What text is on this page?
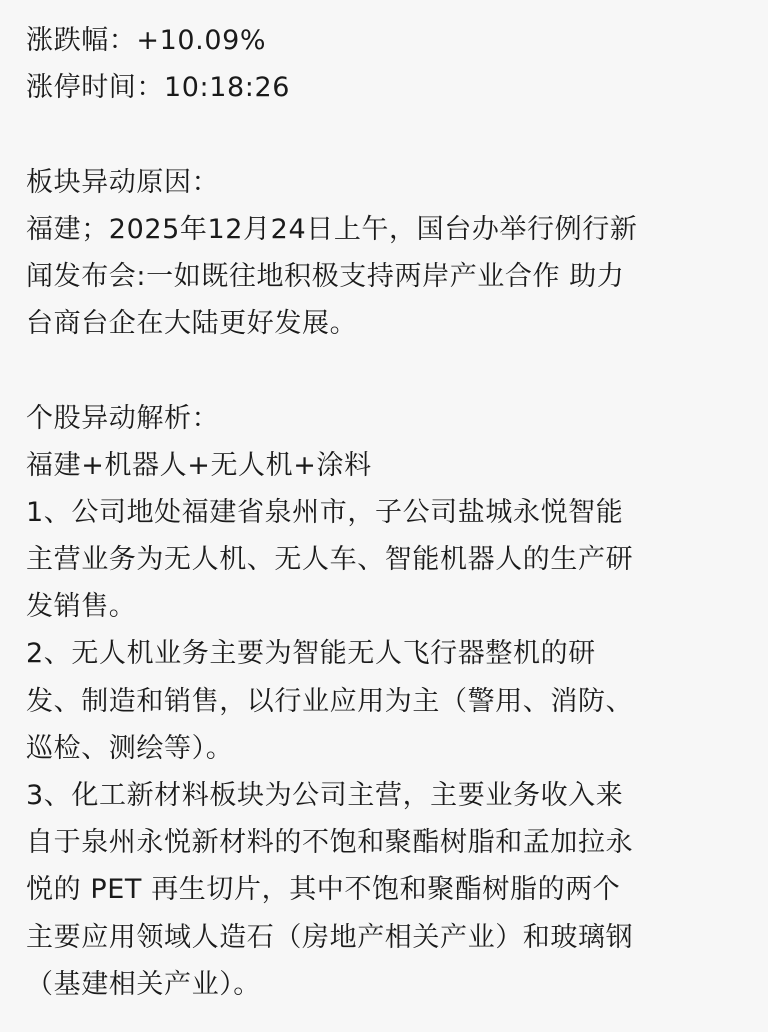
涨跌幅：+10.09%
涨停时间：10:18:26
板块异动原因：
福建；2025年12月24日上午，国台办举行例行新
闻发布会:一如既往地积极支持两岸产业合作 助力
台商台企在大陆更好发展。
个股异动解析：
福建+机器人+无人机+涂料
1、公司地处福建省泉州市，子公司盐城永悦智能
主营业务为无人机、无人车、智能机器人的生产研
发销售。
2、无人机业务主要为智能无人飞行器整机的研
发、制造和销售，以行业应用为主（警用、消防、
巡检、测绘等）。
3、化工新材料板块为公司主营，主要业务收入来
自于泉州永悦新材料的不饱和聚酯树脂和孟加拉永
悦的 PET 再生切片，其中不饱和聚酯树脂的两个
主要应用领域人造石（房地产相关产业）和玻璃钢
（基建相关产业）。
